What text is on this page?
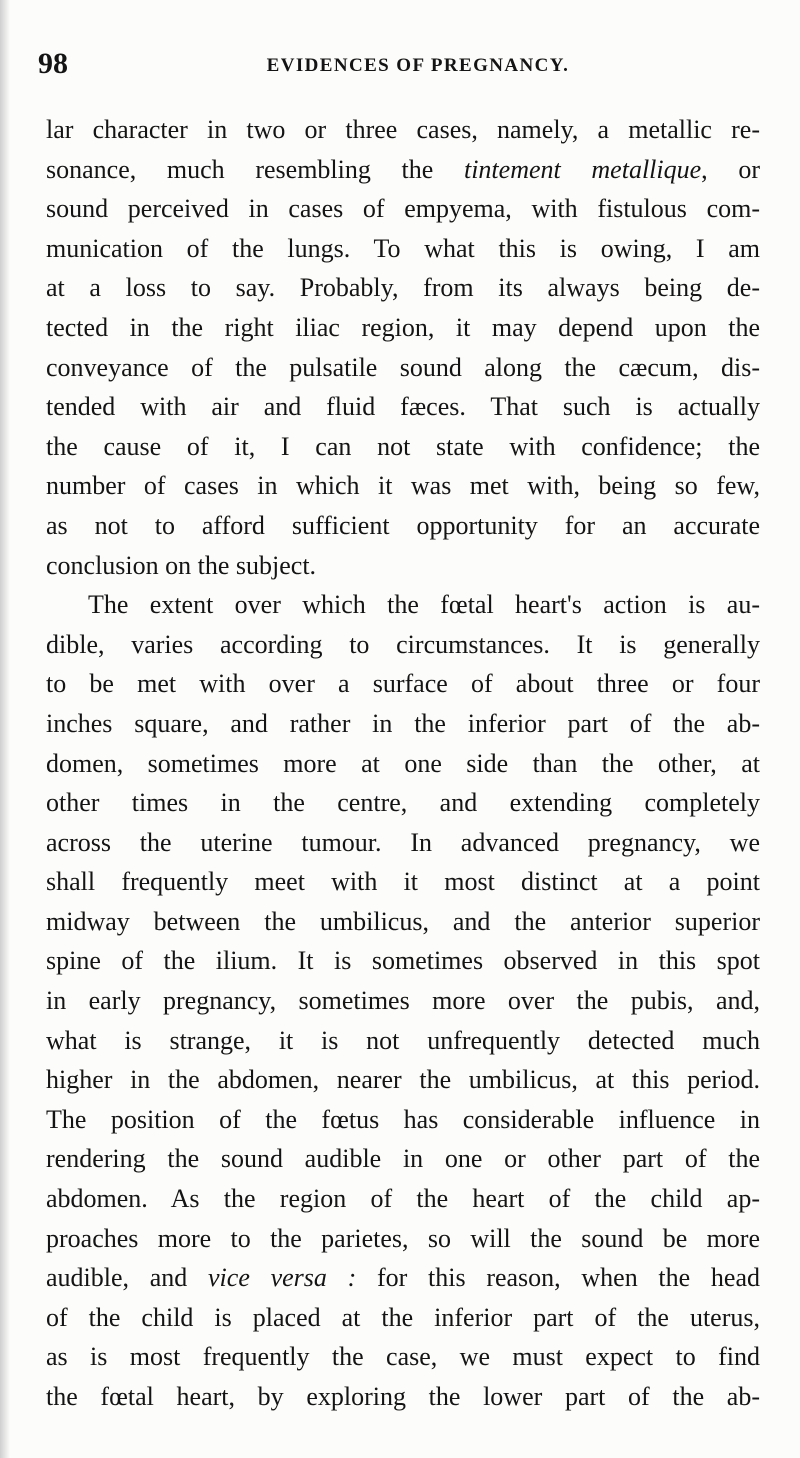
98	EVIDENCES OF PREGNANCY.
lar character in two or three cases, namely, a metallic re-
sonance, much resembling the tintement metallique, or
sound perceived in cases of empyema, with fistulous com-
munication of the lungs. To what this is owing, I am
at a loss to say. Probably, from its always being de-
tected in the right iliac region, it may depend upon the
conveyance of the pulsatile sound along the cæcum, dis-
tended with air and fluid fæces. That such is actually
the cause of it, I can not state with confidence; the
number of cases in which it was met with, being so few,
as not to afford sufficient opportunity for an accurate
conclusion on the subject.
The extent over which the fœtal heart's action is au-
dible, varies according to circumstances. It is generally
to be met with over a surface of about three or four
inches square, and rather in the inferior part of the ab-
domen, sometimes more at one side than the other, at
other times in the centre, and extending completely
across the uterine tumour. In advanced pregnancy, we
shall frequently meet with it most distinct at a point
midway between the umbilicus, and the anterior superior
spine of the ilium. It is sometimes observed in this spot
in early pregnancy, sometimes more over the pubis, and,
what is strange, it is not unfrequently detected much
higher in the abdomen, nearer the umbilicus, at this period.
The position of the fœtus has considerable influence in
rendering the sound audible in one or other part of the
abdomen. As the region of the heart of the child ap-
proaches more to the parietes, so will the sound be more
audible, and vice versa : for this reason, when the head
of the child is placed at the inferior part of the uterus,
as is most frequently the case, we must expect to find
the fœtal heart, by exploring the lower part of the ab-
